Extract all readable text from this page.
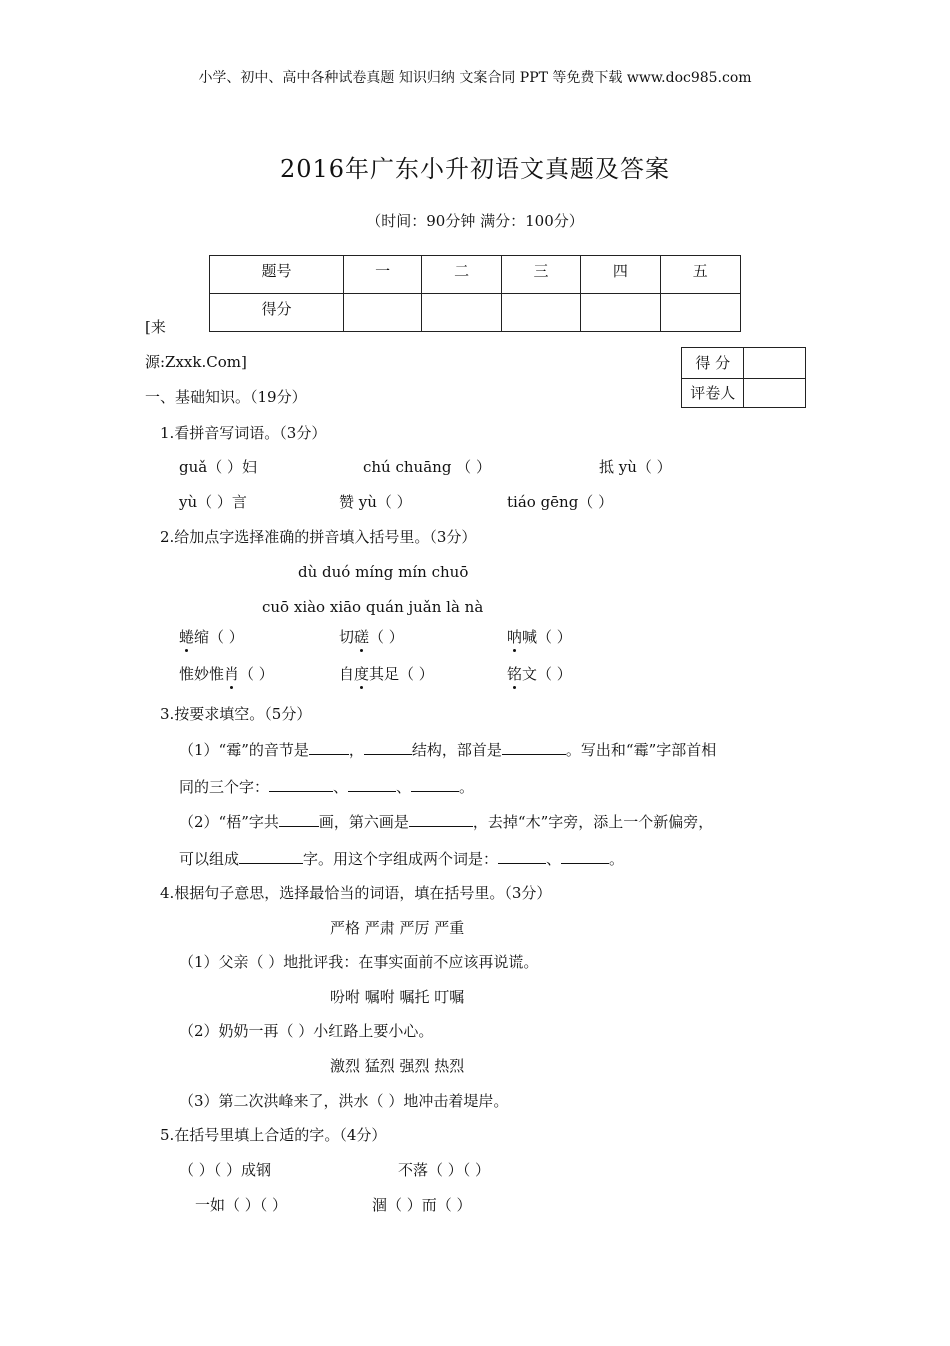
小学、初中、高中各种试卷真题 知识归纳 文案合同 PPT 等免费下载 www.doc985.com
2016年广东小升初语文真题及答案
（时间：90分钟 满分：100分）
题号	一	二	三	四	五
得分					
[来
源:Zxxk.Com]	得 分	
评卷人	
一、基础知识。（19分）
1.看拼音写词语。（3分）
guǎ（ ）妇	chú chuāng （ ）	抵 yù（ ）
yù（ ）言	赞 yù（ ）	tiáo gēng（ ）
2.给加点字选择准确的拼音填入括号里。（3分）
dù duó míng mín chuō
cuō xiào xiāo quán juǎn là nà
蜷缩（ ）	切磋（ ）	呐喊（ ）
惟妙惟肖（ ）	自度其足（ ）	铭文（ ）
3.按要求填空。（5分）
（1）“霉”的音节是	，	结构，部首是	。写出和“霉”字部首相
同的三个字：	、	、	。
（2）“梧”字共	画，第六画是	，去掉“木”字旁，添上一个新偏旁，
可以组成	字。用这个字组成两个词是：	、	。
4.根据句子意思，选择最恰当的词语，填在括号里。（3分）
严格 严肃 严厉 严重
（1）父亲（ ）地批评我：在事实面前不应该再说谎。
吩咐 嘱咐 嘱托 叮嘱
（2）奶奶一再（ ）小红路上要小心。
激烈 猛烈 强烈 热烈
（3）第二次洪峰来了，洪水（ ）地冲击着堤岸。
5.在括号里填上合适的字。（4分）
（ ）（ ）成钢	不落（ ）（ ）
一如（ ）（ ）	涸（ ）而（ ）
